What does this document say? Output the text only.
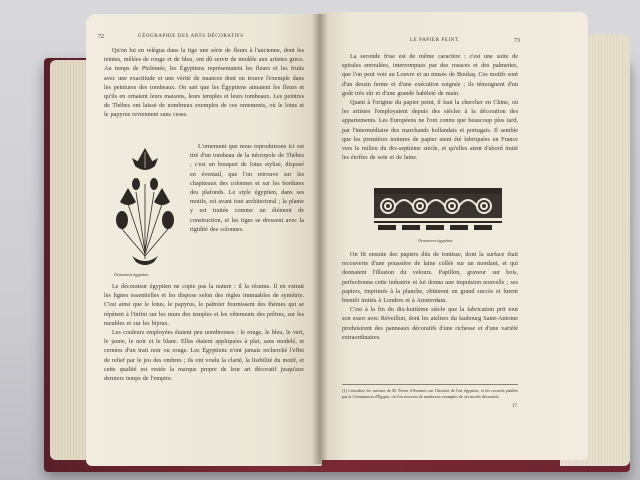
72	GÉOGRAPHIE DES ARTS DÉCORATIFS

Qu'on lui en relégua dans la tige une série de fleurs à l'ancienne, dont les teintes, mêlées de rouge et de bleu, ont dû servir de modèle aux artistes grecs. Au temps de Ptolémée, les Égyptiens représentaient les fleurs et les fruits avec une exactitude et une vérité de nuances dont on trouve l'exemple dans les peintures des tombeaux. On sait que les Égyptiens aimaient les fleurs et qu'ils en ornaient leurs maisons, leurs temples et leurs tombeaux. Les peintres de Thèbes ont laissé de nombreux exemples de ces ornements, où le lotus et le papyrus reviennent sans cesse.

Ornement égyptien.

L'ornement que nous reproduisons ici est tiré d'un tombeau de la nécropole de Thèbes ; c'est un bouquet de lotus stylisé, disposé en éventail, que l'on retrouve sur les chapiteaux des colonnes et sur les bordures des plafonds. Le style égyptien, dans ses motifs, est avant tout architectural ; la plante y est traitée comme un élément de construction, et les tiges se dressent avec la rigidité des colonnes.

Le décorateur égyptien ne copie pas la nature : il la résume. Il en extrait les lignes essentielles et les dispose selon des règles immuables de symétrie. C'est ainsi que le lotus, le papyrus, le palmier fournissent des thèmes qui se répètent à l'infini sur les murs des temples et les vêtements des prêtres, sur les meubles et sur les bijoux.

Les couleurs employées étaient peu nombreuses : le rouge, le bleu, le vert, le jaune, le noir et le blanc. Elles étaient appliquées à plat, sans modelé, et cernées d'un trait noir ou rouge. Les Égyptiens n'ont jamais recherché l'effet de relief par le jeu des ombres ; ils ont voulu la clarté, la lisibilité du motif, et cette qualité est restée la marque propre de leur art décoratif jusqu'aux derniers temps de l'empire.

LE PAPIER PEINT.	73

La seconde frise est de même caractère : c'est une suite de spirales enroulées, interrompues par des rosaces et des palmettes, que l'on peut voir au Louvre et au musée de Boulaq. Ces motifs sont d'un dessin ferme et d'une exécution soignée ; ils témoignent d'un goût très sûr et d'une grande habileté de main.

Quant à l'origine du papier peint, il faut la chercher en Chine, où les artistes l'employaient depuis des siècles à la décoration des appartements. Les Européens ne l'ont connu que beaucoup plus tard, par l'intermédiaire des marchands hollandais et portugais. Il semble que les premières tentures de papier aient été fabriquées en France vers le milieu du dix-septième siècle, et qu'elles aient d'abord imité les étoffes de soie et de laine.

Ornement égyptien.

On fit ensuite des papiers dits de tontisse, dont la surface était recouverte d'une poussière de laine collée sur un mordant, et qui donnaient l'illusion du velours. Papillon, graveur sur bois, perfectionna cette industrie et lui donna une impulsion nouvelle ; ses papiers, imprimés à la planche, obtinrent un grand succès et furent bientôt imités à Londres et à Amsterdam.

C'est à la fin du dix-huitième siècle que la fabrication prit tout son essor avec Réveillon, dont les ateliers du faubourg Saint-Antoine produisirent des panneaux décoratifs d'une richesse et d'une variété extraordinaires.

(1) Consultez les travaux de M. Prisse d'Avennes sur l'histoire de l'art égyptien, et les recueils publiés par la Commission d'Égypte, où l'on trouvera de nombreux exemples de ces motifs décoratifs.
17
